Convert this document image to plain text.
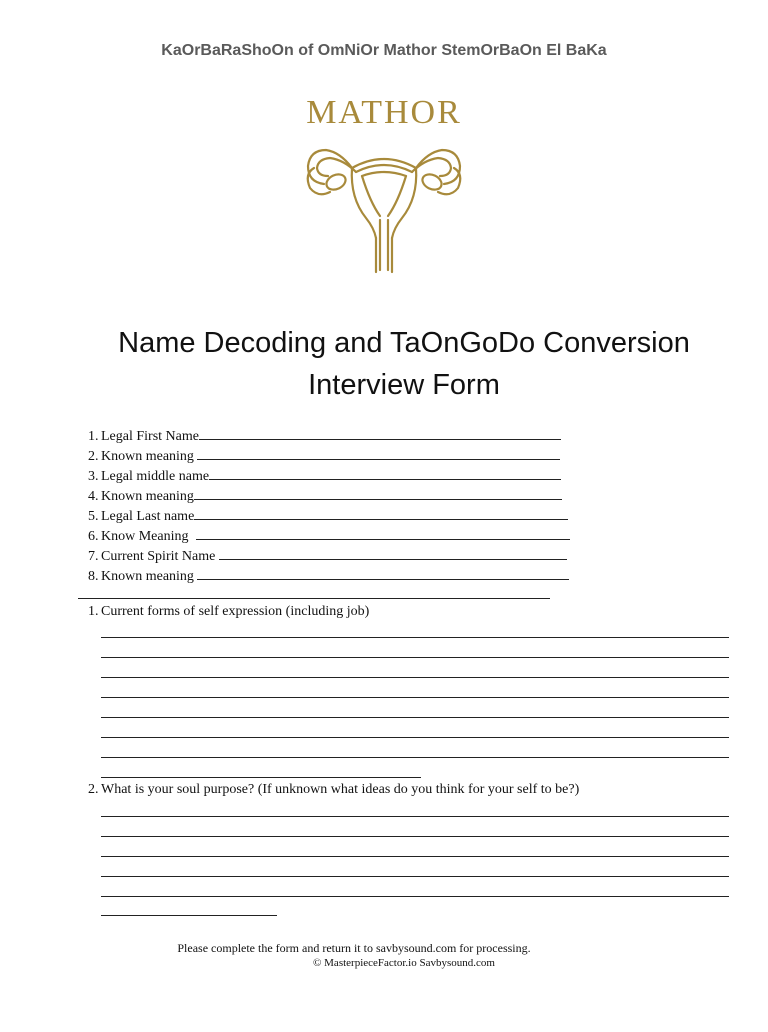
KaOrBaRaShoOn of OmNiOr Mathor StemOrBaOn El BaKa
MATHOR
Name Decoding and TaOnGoDo Conversion
Interview Form
1. Legal First Name
2. Known meaning
3. Legal middle name
4. Known meaning
5. Legal Last name
6. Know Meaning
7. Current Spirit Name
8. Known meaning
1. Current forms of self expression (including job)
2. What is your soul purpose? (If unknown what ideas do you think for your self to be?)
Please complete the form and return it to savbysound.com for processing.
© MasterpieceFactor.io Savbysound.com
